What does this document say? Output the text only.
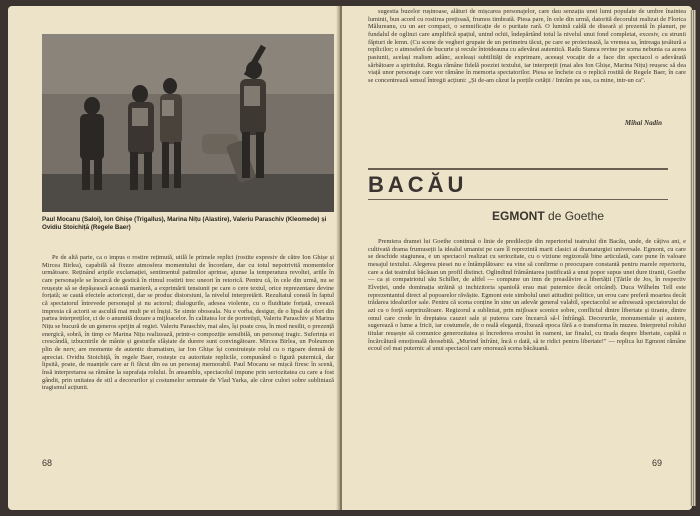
Paul Mocanu (Saloi), Ion Ghișe (Trigallus), Marina Nițu (Alastire), Valeriu Paraschiv (Kleomede) și Ovidiu Stoichiță (Regele Baer)

Pe de altă parte, ca o impus o rostire rețimută, utilă le primele replici (rostite expresiv de către Ion Ghișe și Mircea Birlea), capabilă să fixeze atmosfera momentului de încordare, dar cu totul nepotrivită momentelor următoare. Reținând aripile exclamației, sentimentul patimilor aprinse, ajunse la temperatura revoltei, ariile în care personajele se încarcă de gestică în ritmul rostirii trec uneori în retorică. Pentru că, în cele din urmă, nu se reușește să se depășească această manieră, a exprimării tensiunii pe care o cere textul, orice reprezentare devine forțată; se caută efectele actoricești, dar se produc distorsiuni, la nivelul interpretării. Rezultatul constă în faptul că spectatorul întrevede personajul și nu actorul; dialogurile, adesea violente, cu o fluiditate forțată, creează impresia că actorii se ascultă mai mult pe ei înșiși. Se simte oboseala. Nu e vorba, desigur, de o lipsă de efort din partea interpreților, ci de o anumită dozare a mijloacelor. În calitatea lor de portretiști, Valeriu Paraschiv și Marina Nițu se bucură de un generos sprijin al regiei. Valeriu Paraschiv, mai ales, își poate crea, în mod nesilit, o prezență energică, sobră, în timp ce Marina Nițu realizează, printr-o compoziție sensibilă, un personaj tragic. Suferința ei crescândă, izbucnirile de mânie și gesturile sfâșiate de durere sunt convingătoare. Mircea Birlea, un Poleumon plin de nerv, are momente de autentic dramatism, iar Ion Ghișe își construiește rolul cu o rigoare demnă de apreciat. Ovidiu Stoichiță, în regele Baer, rostește cu autoritate replicile, compunând o figură puternică, dar lipsită, poate, de nuanțele care ar fi făcut din ea un personaj memorabil. Paul Mocanu se mișcă firesc în scenă, însă interpretarea sa rămâne la suprafața rolului. În ansamblu, spectacolul impune prin seriozitatea cu care a fost gândit, prin unitatea de stil a decorurilor și costumelor semnate de Vlad Yarka, ale căror culori sobre subliniază tragismul acțiunii.

68

sugestia buzelor rușinoase, alături de mișcarea personajelor, care dau senzația unei lumi populate de umbre înaintea luminii, bun acord cu rostirea prețioasă, frumos timbrată. Piesa pare, în cele din urmă, datorită decorului realizat de Florica Mălureanu, cu un aer compact, o semnificație de o puritate rară. O lumină caldă de diseară și prezentă în planuri, pe fundalul de oglinzi care amplifică spațiul, unind ochii, îndepărtând totul la nivelul unui fond completat, excesiv, cu strunii făpturi de lemn. (Cu scene de vegheri grupate de un perimetru tăcut, pe care se proiectează, la vremea sa, întreaga țesătură a replicilor; o atmosferă de bucurie și recule întotdeauna cu adevărat autentică. Radu Stanca revine pe scena nebunia ca aceea pasiunii, același realism adânc, aceleași subtilități de exprimare, aceeași vocație de a face din spectacol o adevărată sărbătoare a spiritului. Regia rămâne fidelă poeziei textului, iar interpreții (mai ales Ion Ghișe, Marina Nițu) reușesc să dea viață unor personaje care vor rămâne în memoria spectatorilor. Piesa se încheie cu o replică rostită de Regele Baer, în care se concentrează sensul întregii acțiuni: „Și de-am căzut la porțile cetății / Intrăm pe sus, ca mine, intr-un ca".

Mihai Nadin

BACĂU
EGMONT de Goethe

Premiera dramei lui Goethe continuă o linie de predilecție din repertoriul teatrului din Bacău, unde, de câțiva ani, e cultivată drama frumuseții la idealul umanist pe care îl reprezintă marii clasici ai dramaturgiei universale. Egmont, cu care se deschide stagiunea, e un spectacol realizat cu seriozitate, cu o viziune regizorală bine articulată, care pune în valoare mesajul textului. Alegerea piesei nu e întâmplătoare: ea vine să confirme o preocupare constantă pentru marele repertoriu, care a dat teatrului băcăuan un profil distinct. Oglindind frământarea justificată a unui popor supus unei dure tiranii, Goethe — ca și compatriotul său Schiller, de altfel — compune un imn de preaslăvire a libertății (Țările de Jos, în respectiv Elveției, unde dominația străină și inchizitoria spaniolă erau mai puternice decât oricând). Duca Wilhelm Tell este reprezentantul direct al popoarelor răvășite. Egmont este simbolul unei atitudini politice, un erou care preferă moartea decât trădarea idealurilor sale. Pentru că scena conține în sine un adevăr general valabil, spectacolul se adresează spectatorului de azi cu o forță surprinzătoare. Regizorul a subliniat, prin mijloace scenice sobre, conflictul dintre libertate și tiranie, dintre omul care crede în dreptatea cauzei sale și puterea care încearcă să-l înfrângă. Decorurile, monumentale și austere, sugerează o lume a fricii, iar costumele, de o reală eleganță, fixează epoca fără a o transforma în muzeu. Interpretul rolului titular reușește să comunice generozitatea și încrederea eroului în oameni, iar finalul, cu tirada despre libertate, capătă o încărcătură emoțională deosebită. „Murind înfrânt, încă o dată, să te ridici pentru libertate!" — replica lui Egmont rămâne ecoul cel mai puternic al unui spectacol care onorează scena băcăuană.

69
